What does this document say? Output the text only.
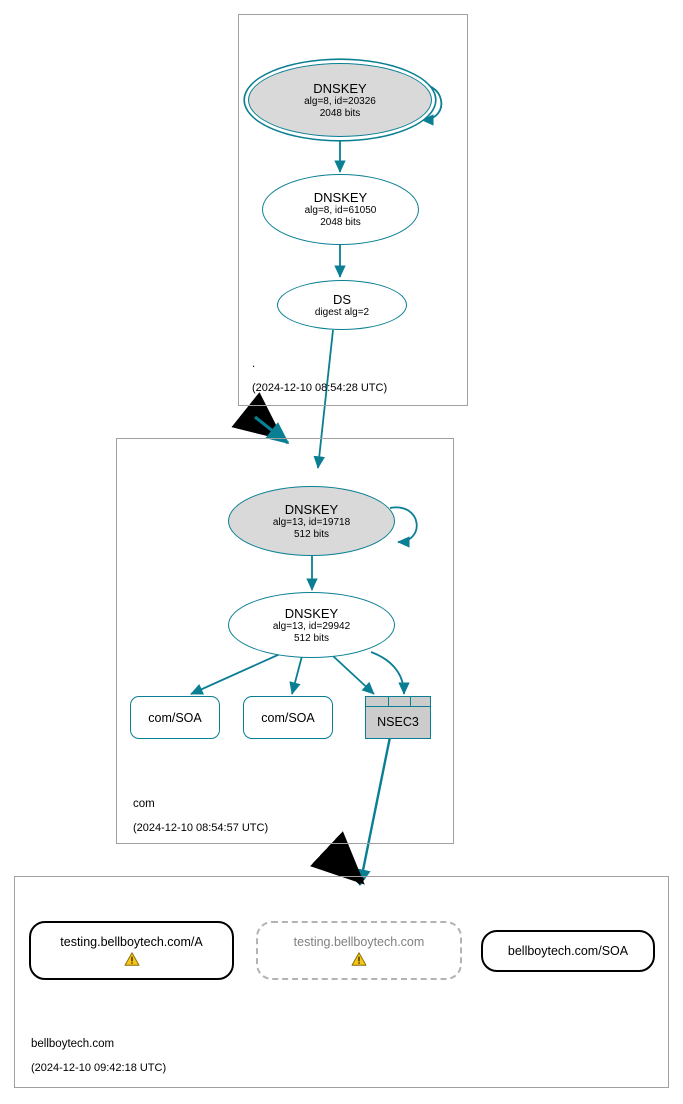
.
(2024-12-10 08:54:28 UTC)
DNSKEY
alg=8, id=20326
2048 bits
DNSKEY
alg=8, id=61050
2048 bits
DS
digest alg=2
com
(2024-12-10 08:54:57 UTC)
DNSKEY
alg=13, id=19718
512 bits
DNSKEY
alg=13, id=29942
512 bits
com/SOA	com/SOA	NSEC3
bellboytech.com
(2024-12-10 09:42:18 UTC)
testing.bellboytech.com/A	testing.bellboytech.com
bellboytech.com/SOA
